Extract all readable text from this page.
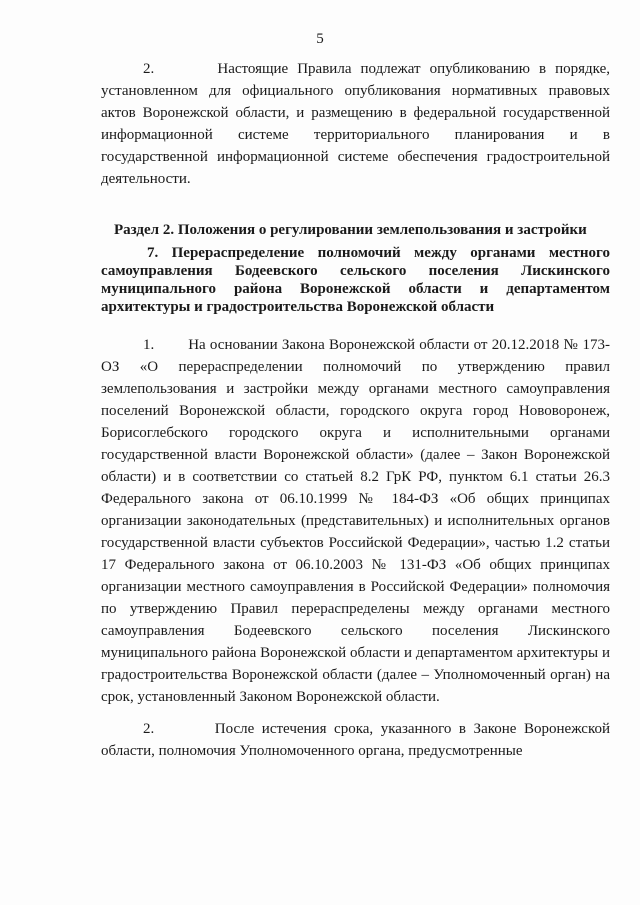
5

2.	Настоящие Правила подлежат опубликованию в порядке, установленном для официального опубликования нормативных правовых актов Воронежской области, и размещению в федеральной государственной информационной системе территориального планирования и в государственной информационной системе обеспечения градостроительной деятельности.

Раздел 2. Положения о регулировании землепользования и застройки
7. Перераспределение полномочий между органами местного самоуправления Бодеевского сельского поселения Лискинского муниципального района Воронежской области и департаментом архитектуры и градостроительства Воронежской области

1. На основании Закона Воронежской области от 20.12.2018 № 173-ОЗ «О перераспределении полномочий по утверждению правил землепользования и застройки между органами местного самоуправления поселений Воронежской области, городского округа город Нововоронеж, Борисоглебского городского округа и исполнительными органами государственной власти Воронежской области» (далее – Закон Воронежской области) и в соответствии со статьей 8.2 ГрК РФ, пунктом 6.1 статьи 26.3 Федерального закона от 06.10.1999 № 184-ФЗ «Об общих принципах организации законодательных (представительных) и исполнительных органов государственной власти субъектов Российской Федерации», частью 1.2 статьи 17 Федерального закона от 06.10.2003 № 131-ФЗ «Об общих принципах организации местного самоуправления в Российской Федерации» полномочия по утверждению Правил перераспределены между органами местного самоуправления Бодеевского сельского поселения Лискинского муниципального района Воронежской области и департаментом архитектуры и градостроительства Воронежской области (далее – Уполномоченный орган) на срок, установленный Законом Воронежской области.

2.	После истечения срока, указанного в Законе Воронежской области, полномочия Уполномоченного органа, предусмотренные
